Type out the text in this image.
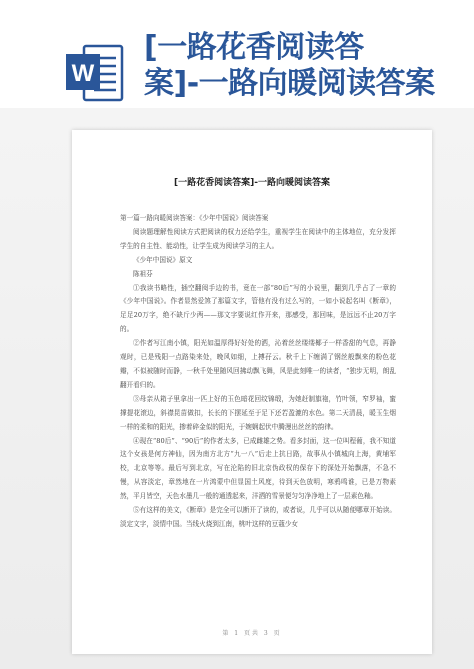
W
[一路花香阅读答
案]-一路向暖阅读答案
[一路花香阅读答案]-一路向暖阅读答案

第一篇一路向暖阅读答案：《少年中国说》阅读答案

阅读题理解性阅读方式把阅读的权力还给学生，重视学生在阅读中的主体地位，充分发挥学生的自主性、能动性，让学生成为阅读学习的主人。

《少年中国说》原文

陈祖芬

①我读书略性，插空翻阅手边的书，竟在一部“80后”写的小说里，翻到几乎占了一章的《少年中国说》。作者显然爱煞了那篇文字，管他有没有过么写的，一如小说起名叫《断章》，足足20万字，绝不缺斤少两——那文字要说红作开来，那感受，那回味，是远远不止20万字的。

②作者写江南小镇，阳光如温厚得好好处的洒，沁着丝丝缕缕椰子一样香甜的气息，再静观时，已是残阳一点路染来处，晚风如细，上搏孖云。秋千上下缠满了钢丝般飘来的粉色花瓣，不似被随时而静，一秋千处里随风回拂动飘飞舞，风是此刻唯一的读者，“独步无明，朗乱翻开看归的。

③母亲从箱子里拿出一匹上好的玉色暗花回纹锦缎，为她赶制旗袍，竹叶领，窄罗袖，蜜撑提花滚边，斜襟昆苗做扣，长长的下摆延至于足下还若盈漉的水色。第二天清晨，暖玉生烟一样的柔和的阳光，掺着碎金似的阳光，于婉娴起伏中腾漫出丝丝的韵律。

④现在“80后”、“90后”的作者太多，已成雌雄之势。看多封面，这一位叫程葡，我不知道这个女孩是何方神仙，因为南方北方“九一八”后走上抗日路，故事从小镇城向上海，黄埔军校，北京等等。最后写到北京，写在沦陷的旧北京伪政权的保存下的深处开始飘落，不急不慢，从容淡定，章然地在一片鸿蒙中但显国土风度，待到天色放明，寒鸦鸣谁，已是万物素然，平月皆空，天色水墨几一般的通透起来，洋洒的雪景便匀匀净净地上了一层素色釉。

⑤有这样的美文，《断章》是完全可以断开了读的，或者说，几乎可以从随便哪章开始读。淡定文字，淡情中国。当线火烧到江南，桃叶这样的豆蔻少女

第 1 页共 3 页
